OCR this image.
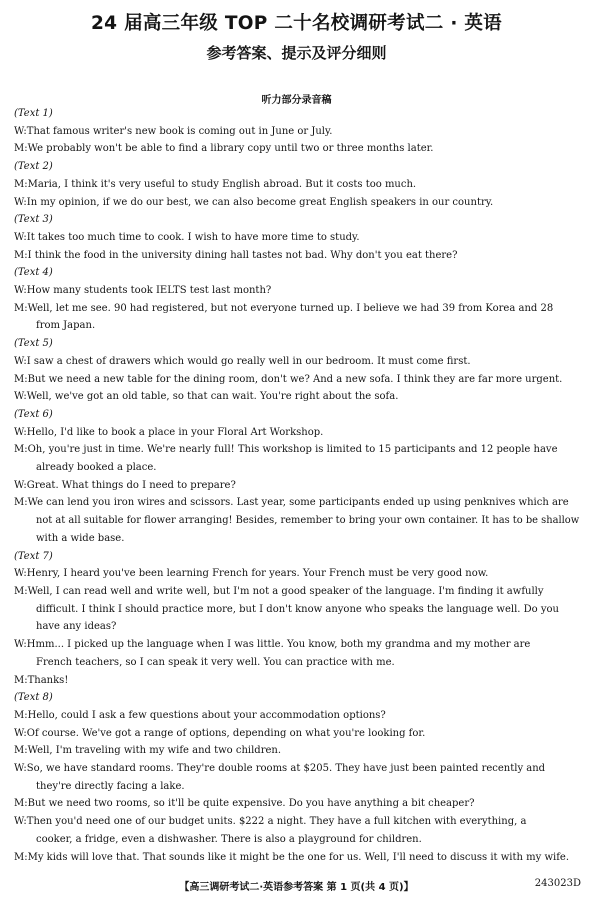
24 届高三年级 TOP 二十名校调研考试二 · 英语
参考答案、提示及评分细则
听力部分录音稿
(Text 1)
W: That famous writer's new book is coming out in June or July.
M: We probably won't be able to find a library copy until two or three months later.
(Text 2)
M: Maria, I think it's very useful to study English abroad. But it costs too much.
W: In my opinion, if we do our best, we can also become great English speakers in our country.
(Text 3)
W: It takes too much time to cook. I wish to have more time to study.
M: I think the food in the university dining hall tastes not bad. Why don't you eat there?
(Text 4)
W: How many students took IELTS test last month?
M: Well, let me see. 90 had registered, but not everyone turned up. I believe we had 39 from Korea and 28
from Japan.
(Text 5)
W: I saw a chest of drawers which would go really well in our bedroom. It must come first.
M: But we need a new table for the dining room, don't we? And a new sofa. I think they are far more urgent.
W: Well, we've got an old table, so that can wait. You're right about the sofa.
(Text 6)
W: Hello, I'd like to book a place in your Floral Art Workshop.
M: Oh, you're just in time. We're nearly full! This workshop is limited to 15 participants and 12 people have
already booked a place.
W: Great. What things do I need to prepare?
M: We can lend you iron wires and scissors. Last year, some participants ended up using penknives which are
not at all suitable for flower arranging! Besides, remember to bring your own container. It has to be shallow
with a wide base.
(Text 7)
W: Henry, I heard you've been learning French for years. Your French must be very good now.
M: Well, I can read well and write well, but I'm not a good speaker of the language. I'm finding it awfully
difficult. I think I should practice more, but I don't know anyone who speaks the language well. Do you
have any ideas?
W: Hmm... I picked up the language when I was little. You know, both my grandma and my mother are
French teachers, so I can speak it very well. You can practice with me.
M: Thanks!
(Text 8)
M: Hello, could I ask a few questions about your accommodation options?
W: Of course. We've got a range of options, depending on what you're looking for.
M: Well, I'm traveling with my wife and two children.
W: So, we have standard rooms. They're double rooms at $205. They have just been painted recently and
they're directly facing a lake.
M: But we need two rooms, so it'll be quite expensive. Do you have anything a bit cheaper?
W: Then you'd need one of our budget units. $222 a night. They have a full kitchen with everything, a
cooker, a fridge, even a dishwasher. There is also a playground for children.
M: My kids will love that. That sounds like it might be the one for us. Well, I'll need to discuss it with my wife.
【高三调研考试二·英语参考答案 第 1 页(共 4 页)】	243023D
